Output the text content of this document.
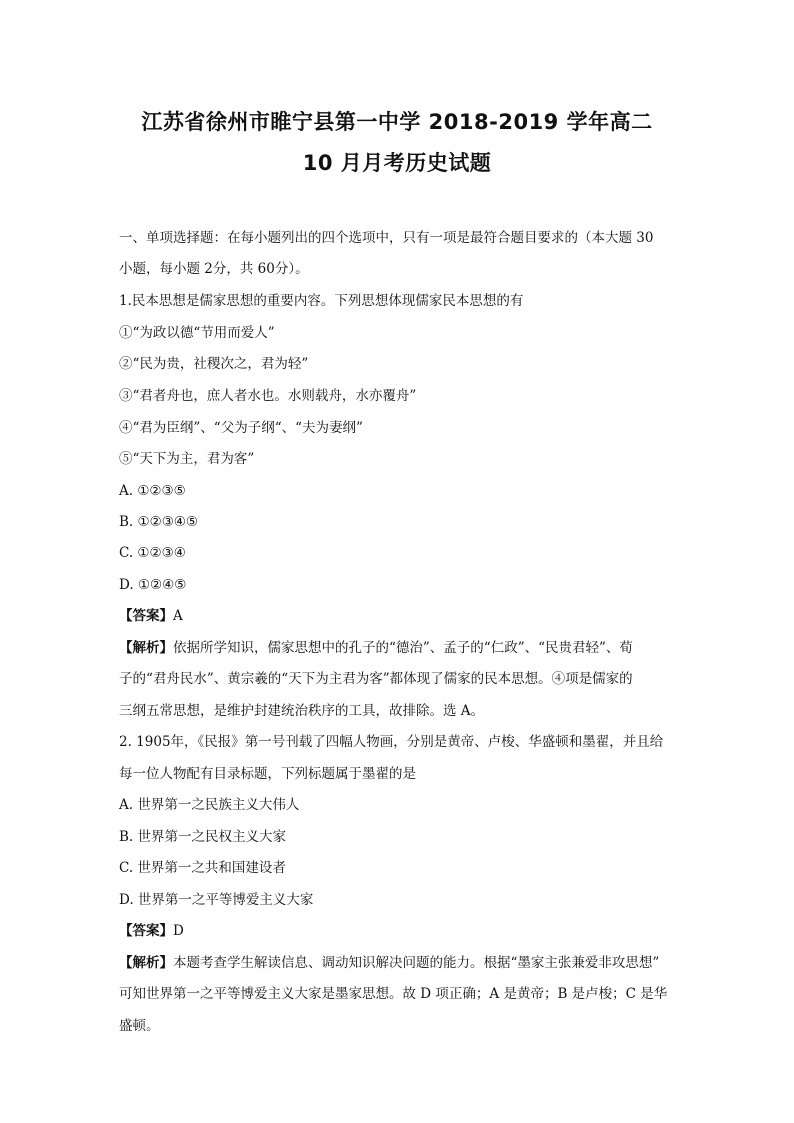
江苏省徐州市睢宁县第一中学 2018-2019 学年高二
10 月月考历史试题
一、单项选择题：在每小题列出的四个选项中，只有一项是最符合题目要求的（本大题 30
小题，每小题 2分，共 60分）。
1.民本思想是儒家思想的重要内容。下列思想体现儒家民本思想的有
①“为政以德“节用而爱人”
②“民为贵，社稷次之，君为轻”
③“君者舟也，庶人者水也。水则载舟，水亦覆舟”
④“君为臣纲”、“父为子纲“、“夫为妻纲”
⑤“天下为主，君为客”
A. ①②③⑤
B. ①②③④⑤
C. ①②③④
D. ①②④⑤
【答案】A
【解析】依据所学知识，儒家思想中的孔子的“德治”、孟子的“仁政”、“民贵君轻”、荀
子的“君舟民水”、黄宗羲的“天下为主君为客”都体现了儒家的民本思想。④项是儒家的
三纲五常思想，是维护封建统治秩序的工具，故排除。选 A。
2. 1905年，《民报》第一号刊载了四幅人物画，分别是黄帝、卢梭、华盛顿和墨翟，并且给
每一位人物配有目录标题，下列标题属于墨翟的是
A. 世界第一之民族主义大伟人
B. 世界第一之民权主义大家
C. 世界第一之共和国建设者
D. 世界第一之平等博爱主义大家
【答案】D
【解析】本题考查学生解读信息、调动知识解决问题的能力。根据“墨家主张兼爱非攻思想”
可知世界第一之平等博爱主义大家是墨家思想。故 D 项正确；A 是黄帝；B 是卢梭；C 是华
盛顿。
